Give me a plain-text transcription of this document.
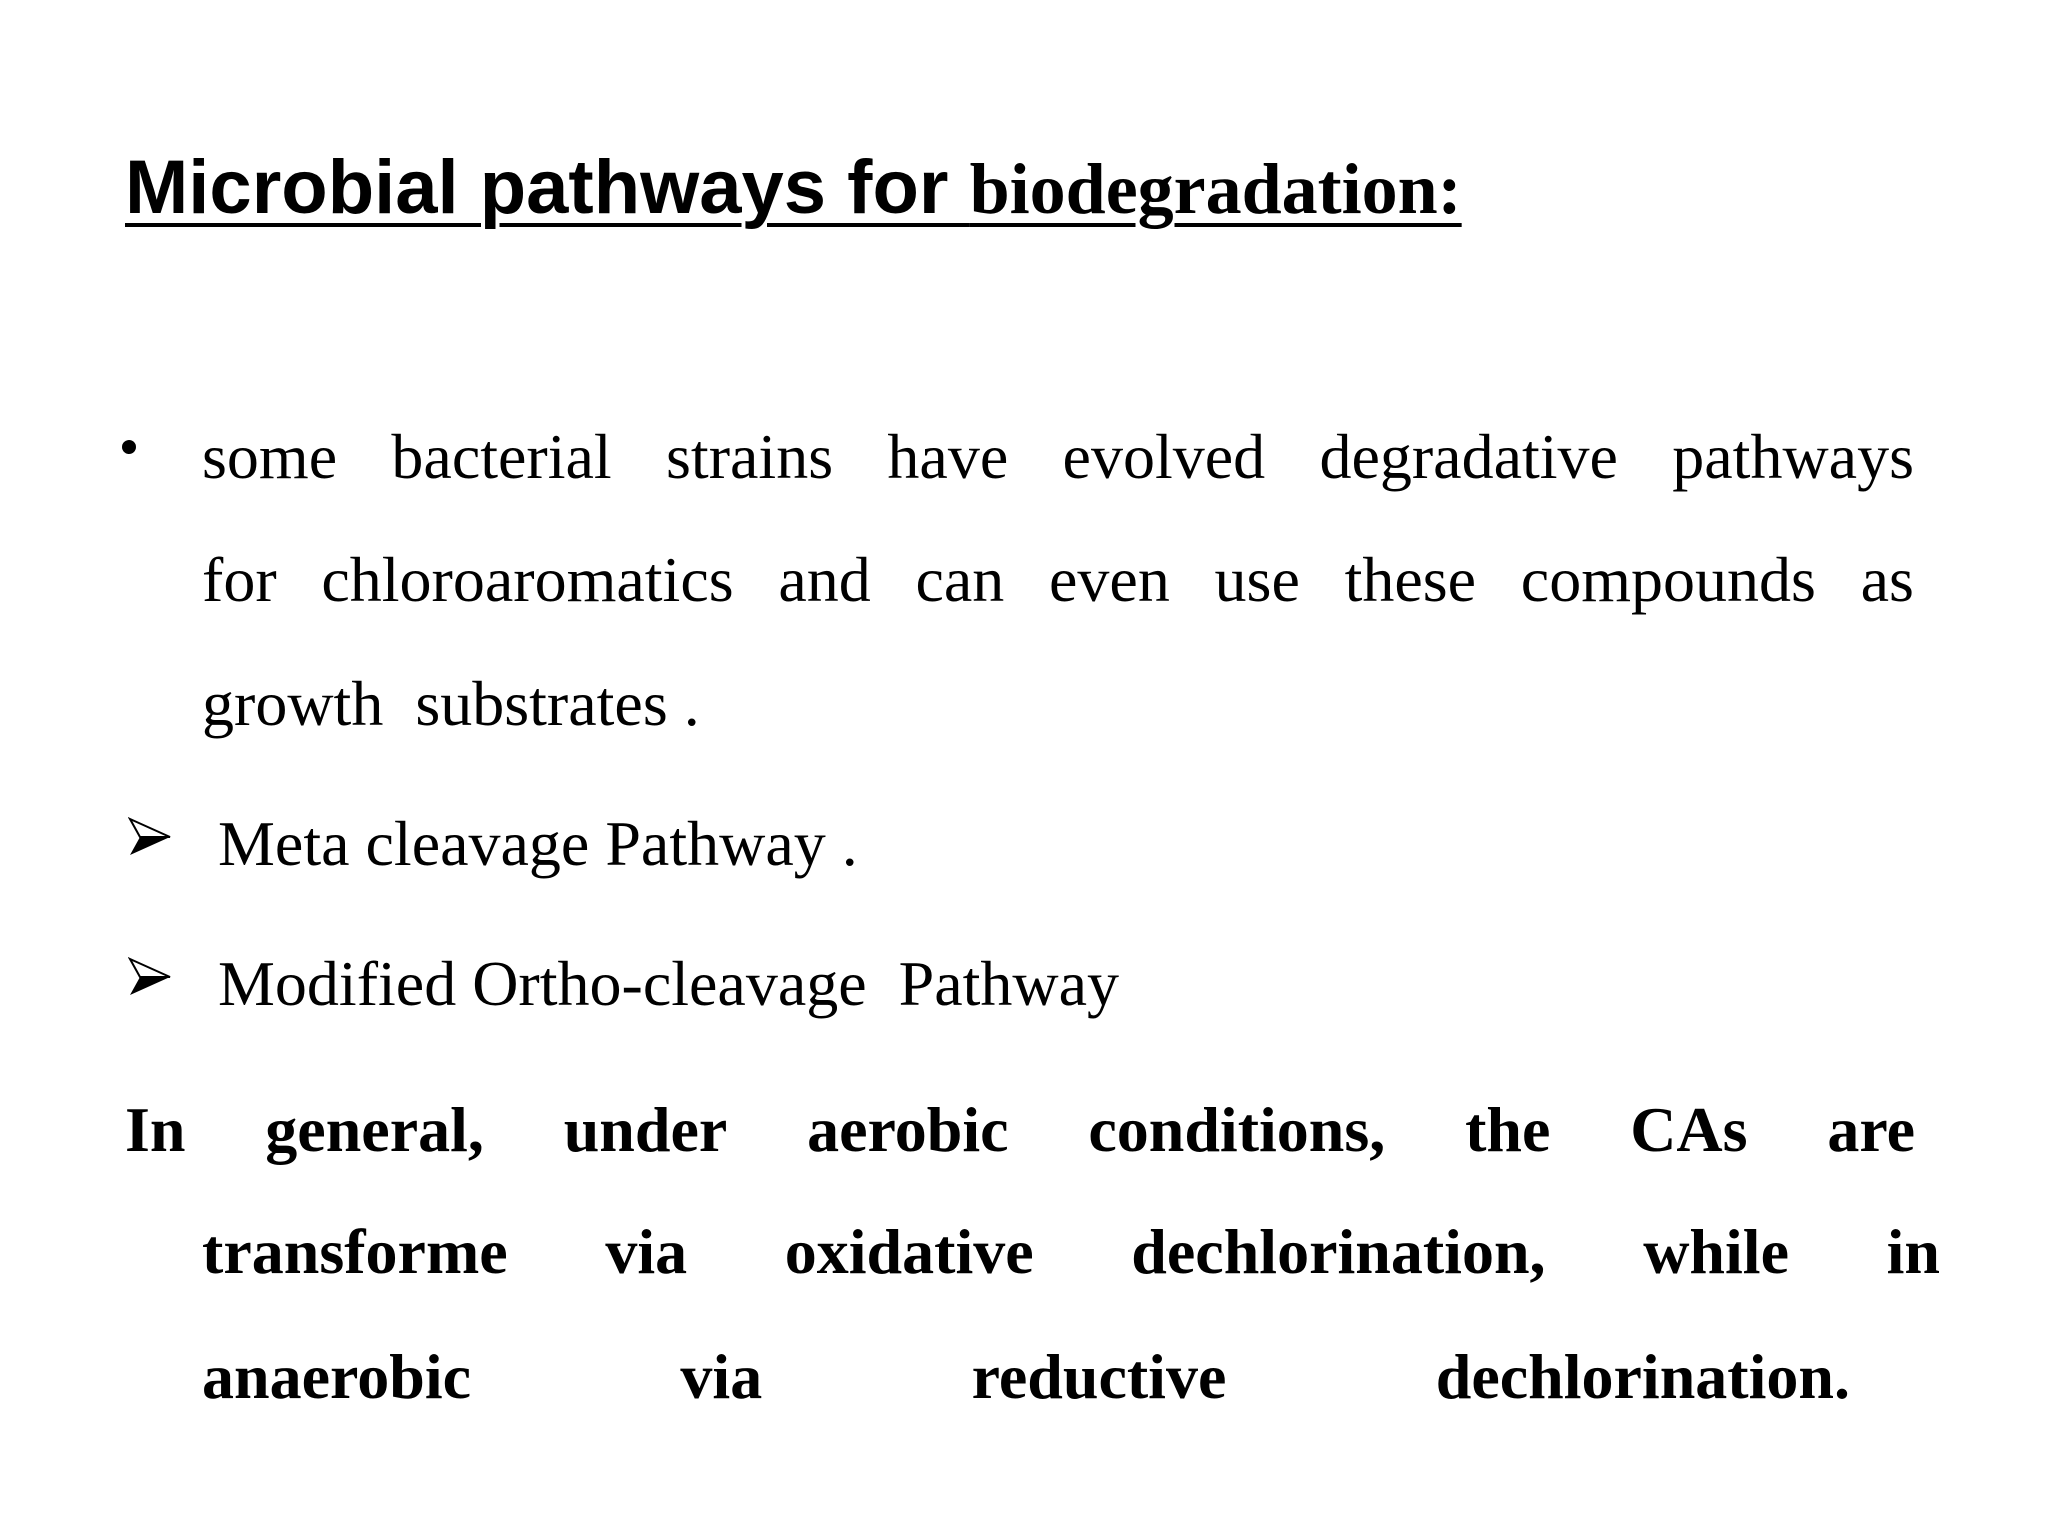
Microbial pathways for biodegradation:
some bacterial strains have evolved degradative pathways
for chloroaromatics and can even use these compounds as
growth  substrates .
Meta cleavage Pathway .
Modified Ortho-cleavage  Pathway
In general, under aerobic conditions, the CAs are
transforme via oxidative dechlorination, while in
anaerobic	via	reductive	dechlorination.
